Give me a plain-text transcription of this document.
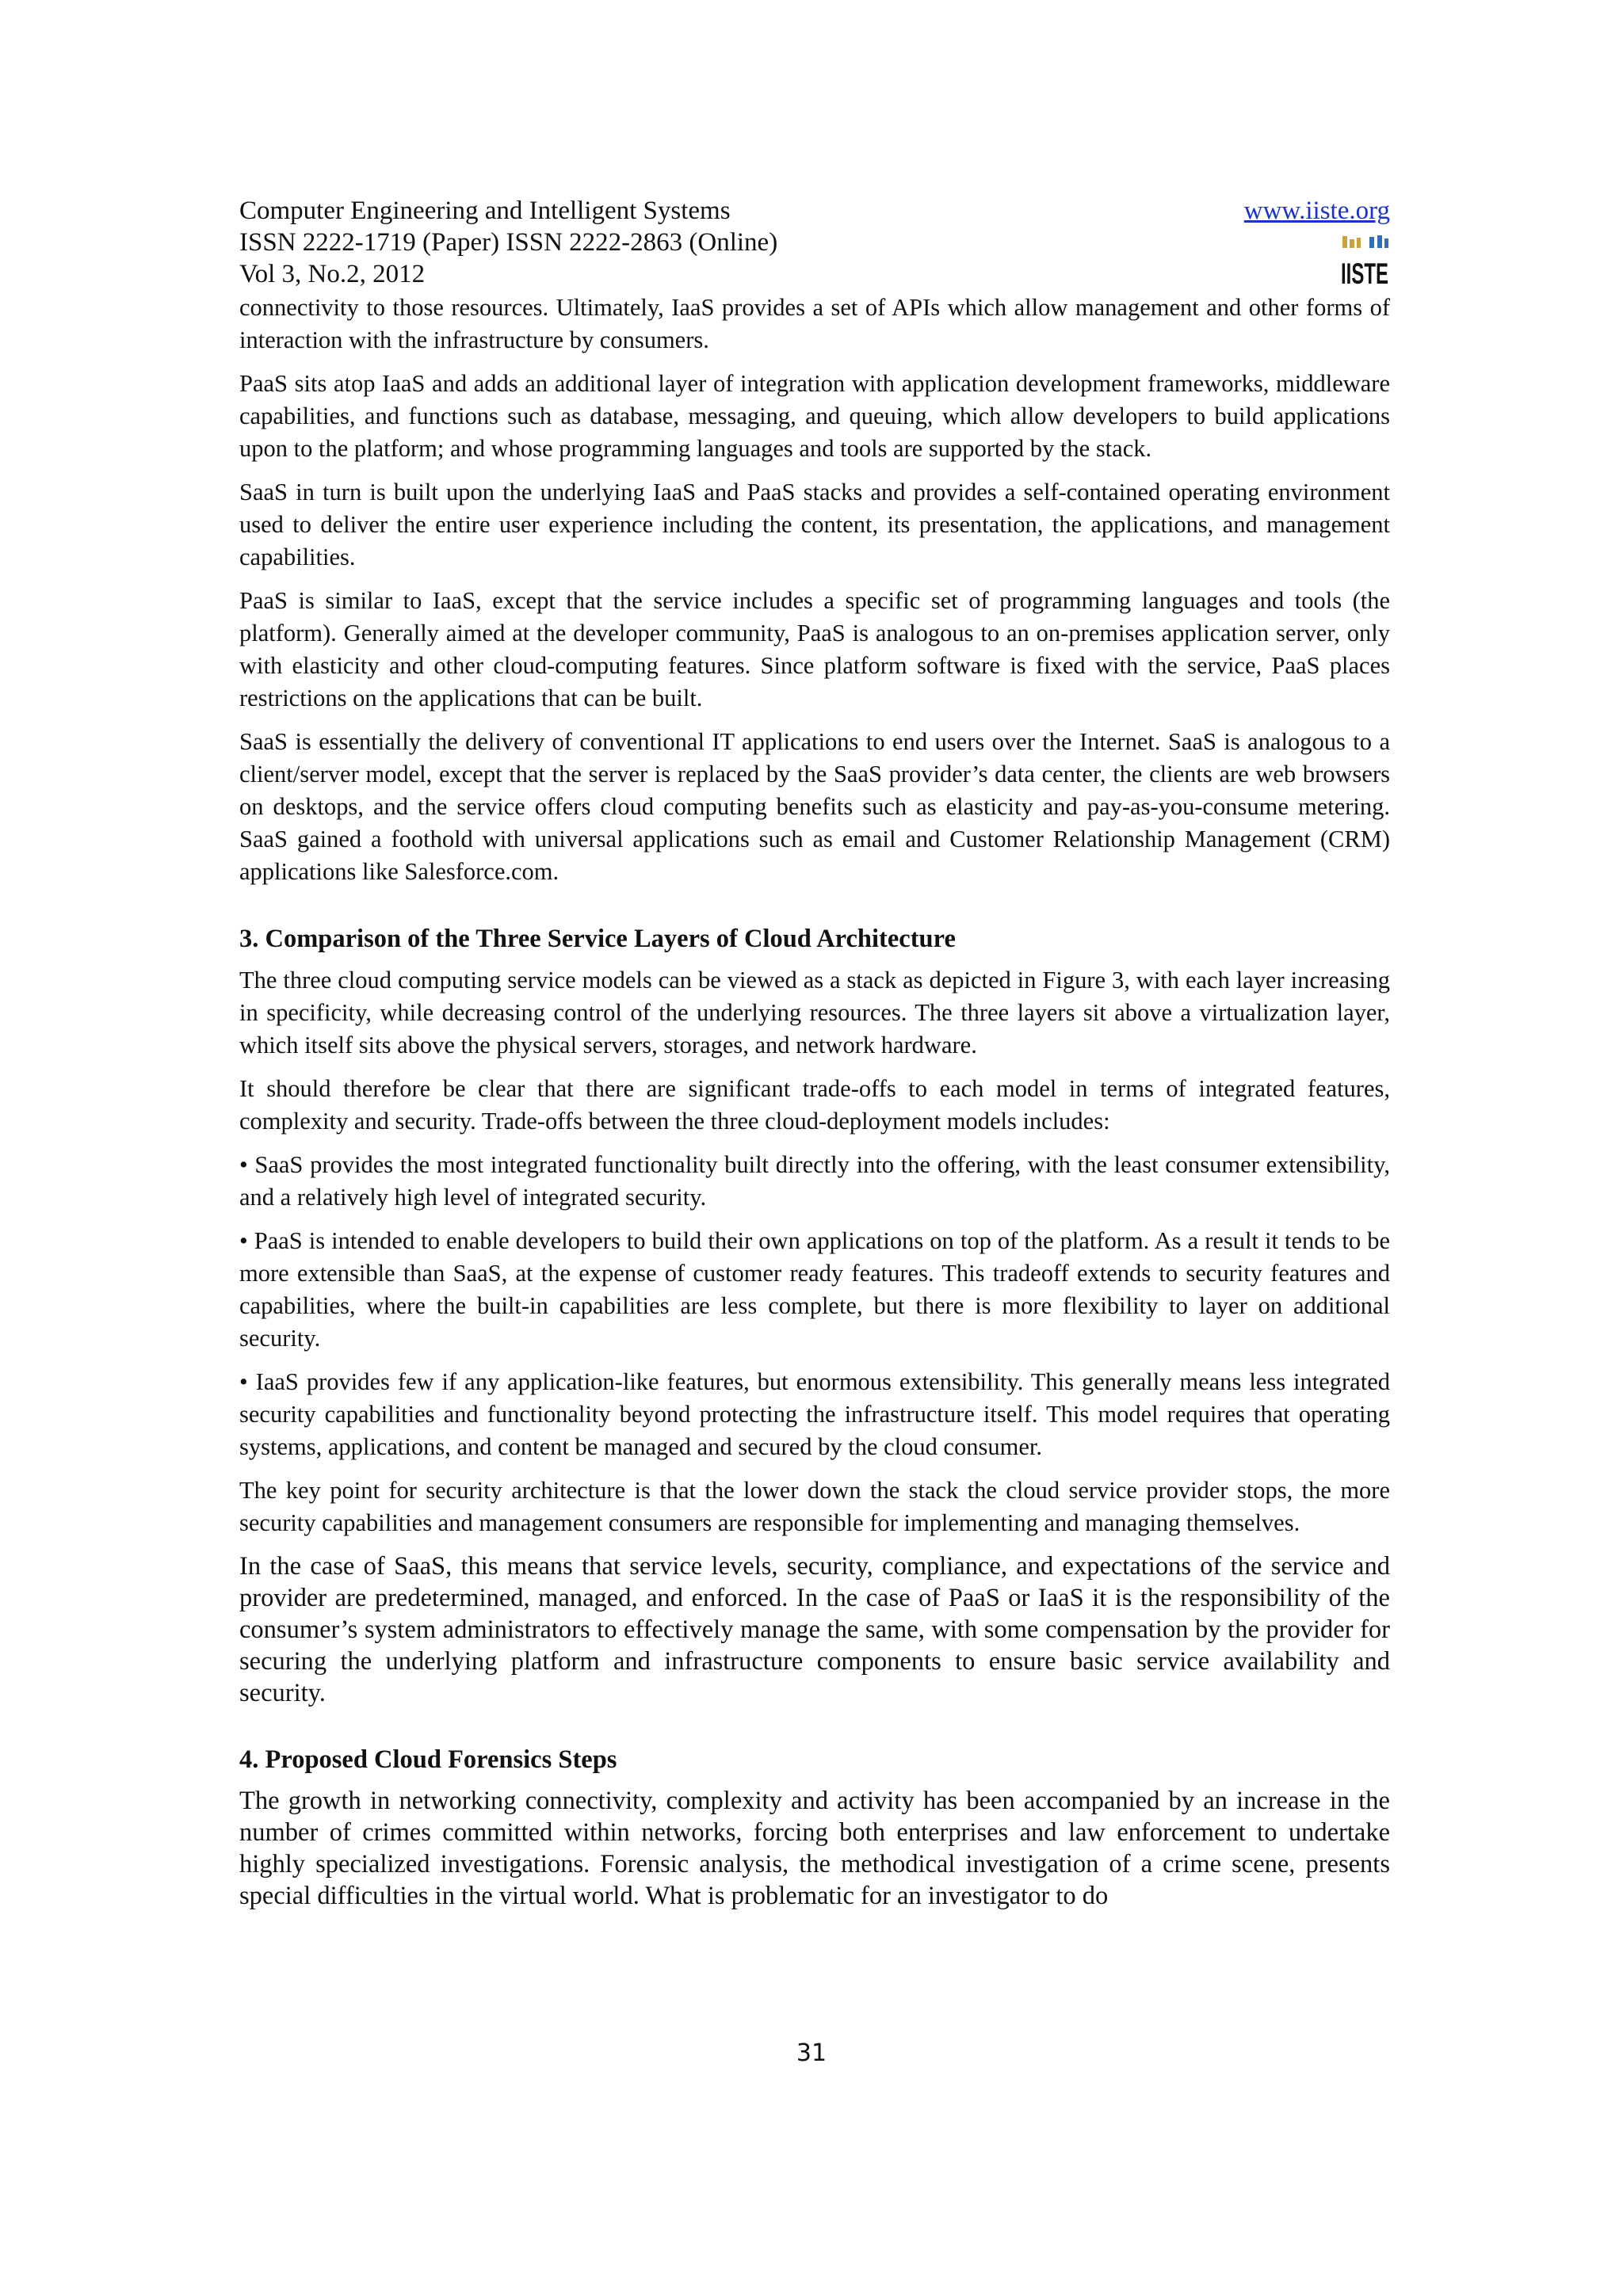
Computer Engineering and Intelligent Systems
ISSN 2222-1719 (Paper) ISSN 2222-2863 (Online)
Vol 3, No.2, 2012
www.iiste.org
IISTE

connectivity to those resources. Ultimately, IaaS provides a set of APIs which allow management and other forms of interaction with the infrastructure by consumers.

PaaS sits atop IaaS and adds an additional layer of integration with application development frameworks, middleware capabilities, and functions such as database, messaging, and queuing, which allow developers to build applications upon to the platform; and whose programming languages and tools are supported by the stack.

SaaS in turn is built upon the underlying IaaS and PaaS stacks and provides a self-contained operating environment used to deliver the entire user experience including the content, its presentation, the applications, and management capabilities.

PaaS is similar to IaaS, except that the service includes a specific set of programming languages and tools (the platform). Generally aimed at the developer community, PaaS is analogous to an on-premises application server, only with elasticity and other cloud-computing features. Since platform software is fixed with the service, PaaS places restrictions on the applications that can be built.

SaaS is essentially the delivery of conventional IT applications to end users over the Internet. SaaS is analogous to a client/server model, except that the server is replaced by the SaaS provider’s data center, the clients are web browsers on desktops, and the service offers cloud computing benefits such as elasticity and pay-as-you-consume metering. SaaS gained a foothold with universal applications such as email and Customer Relationship Management (CRM) applications like Salesforce.com.

3. Comparison of the Three Service Layers of Cloud Architecture

The three cloud computing service models can be viewed as a stack as depicted in Figure 3, with each layer increasing in specificity, while decreasing control of the underlying resources. The three layers sit above a virtualization layer, which itself sits above the physical servers, storages, and network hardware.

It should therefore be clear that there are significant trade-offs to each model in terms of integrated features, complexity and security. Trade-offs between the three cloud-deployment models includes:

• SaaS provides the most integrated functionality built directly into the offering, with the least consumer extensibility, and a relatively high level of integrated security.

• PaaS is intended to enable developers to build their own applications on top of the platform. As a result it tends to be more extensible than SaaS, at the expense of customer ready features. This tradeoff extends to security features and capabilities, where the built-in capabilities are less complete, but there is more flexibility to layer on additional security.

• IaaS provides few if any application-like features, but enormous extensibility. This generally means less integrated security capabilities and functionality beyond protecting the infrastructure itself. This model requires that operating systems, applications, and content be managed and secured by the cloud consumer.

The key point for security architecture is that the lower down the stack the cloud service provider stops, the more security capabilities and management consumers are responsible for implementing and managing themselves.

In the case of SaaS, this means that service levels, security, compliance, and expectations of the service and provider are predetermined, managed, and enforced. In the case of PaaS or IaaS it is the responsibility of the consumer’s system administrators to effectively manage the same, with some compensation by the provider for securing the underlying platform and infrastructure components to ensure basic service availability and security.

4. Proposed Cloud Forensics Steps

The growth in networking connectivity, complexity and activity has been accompanied by an increase in the number of crimes committed within networks, forcing both enterprises and law enforcement to undertake highly specialized investigations. Forensic analysis, the methodical investigation of a crime scene, presents special difficulties in the virtual world. What is problematic for an investigator to do

31
